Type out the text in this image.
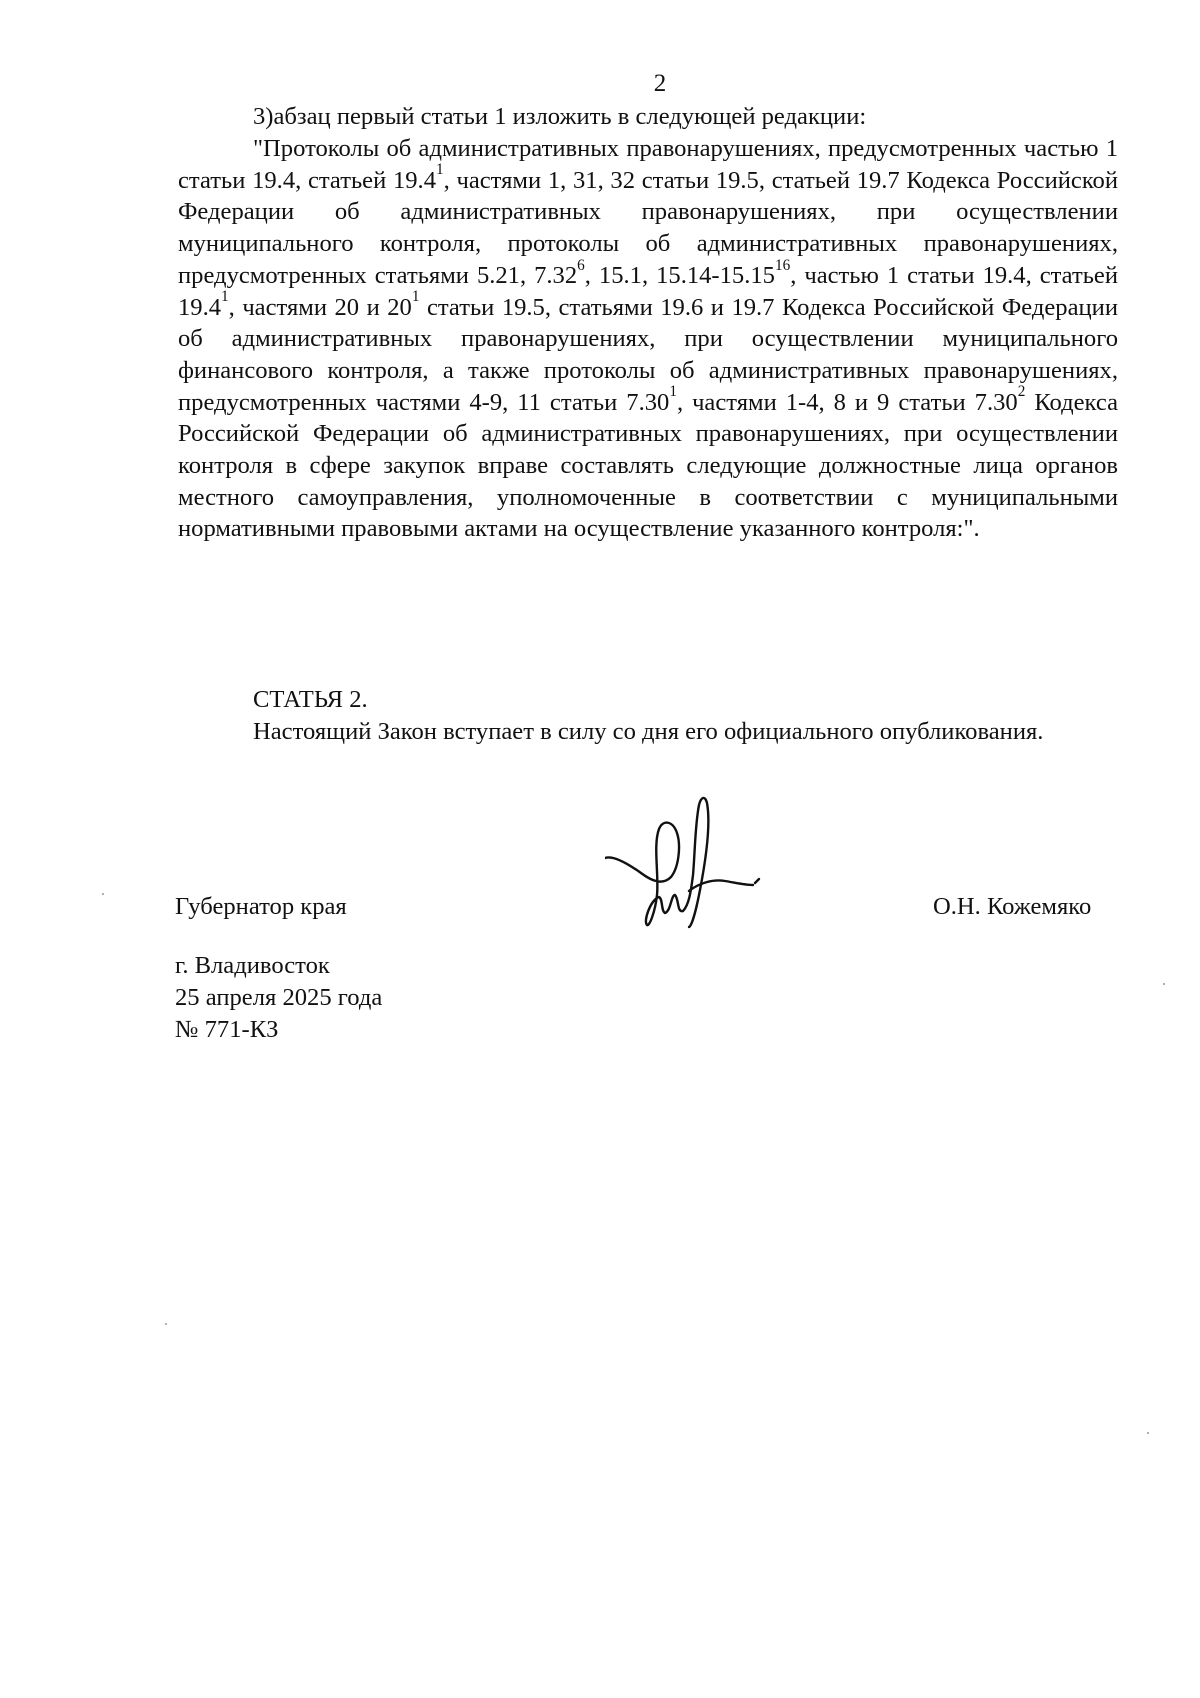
2

3)абзац первый статьи 1 изложить в следующей редакции:

"Протоколы об административных правонарушениях, предусмотренных частью 1 статьи 19.4, статьей 19.4$^1$, частями 1, 31, 32 статьи 19.5, статьей 19.7 Кодекса Российской Федерации об административных правонарушениях, при осуществлении муниципального контроля, протоколы об административных правонарушениях, предусмотренных статьями 5.21, 7.32$^6$, 15.1, 15.14-15.15$^{16}$, частью 1 статьи 19.4, статьей 19.4$^1$, частями 20 и $20^1$ статьи 19.5, статьями 19.6 и 19.7 Кодекса Российской Федерации об административных правонарушениях, при осуществлении муниципального финансового контроля, а также протоколы об административных правонарушениях, предусмотренных частями 4-9, 11 статьи 7.30$^1$, частями 1-4, 8 и 9 статьи 7.30$^2$ Кодекса Российской Федерации об административных правонарушениях, при осуществлении контроля в сфере закупок вправе составлять следующие должностные лица органов местного самоуправления, уполномоченные в соответствии с муниципальными нормативными правовыми актами на осуществление указанного контроля:".

СТАТЬЯ 2.

Настоящий Закон вступает в силу со дня его официального опубликования.

Губернатор края	О.Н. Кожемяко
г. Владивосток
25 апреля 2025 года
№ 771-КЗ
